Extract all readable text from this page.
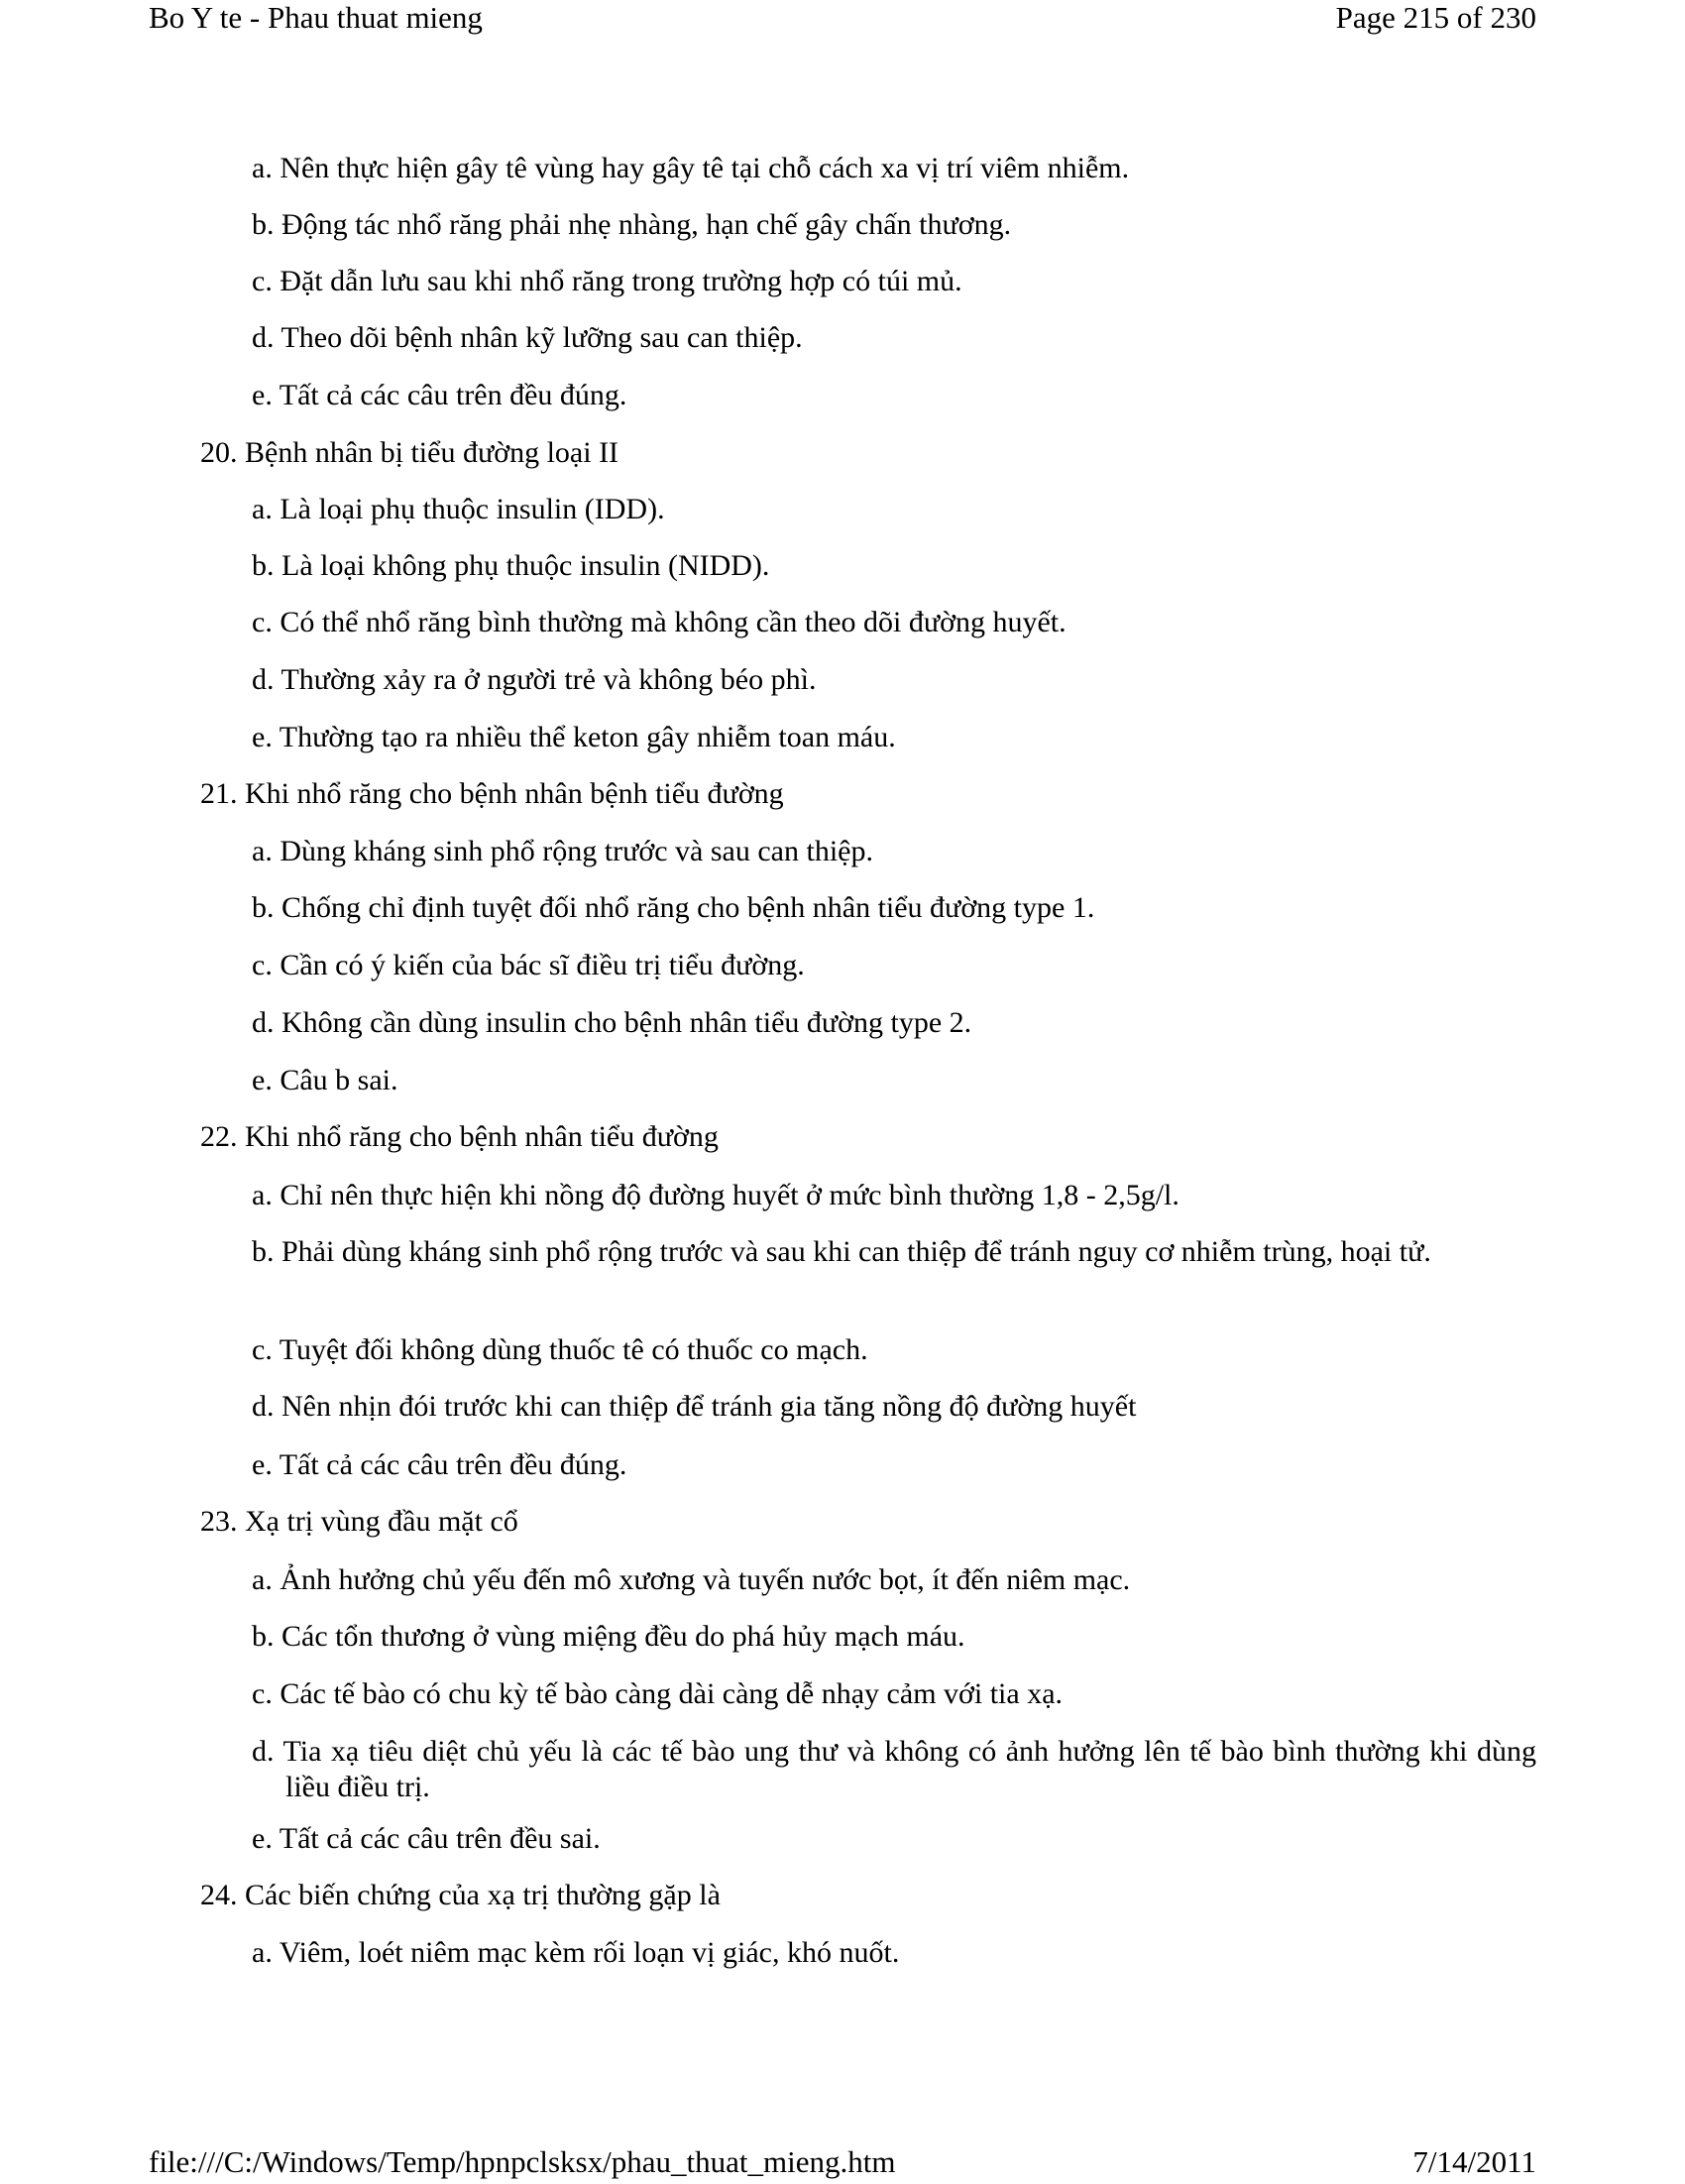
Bo Y te - Phau thuat mieng	Page 215 of 230
a. Nên thực hiện gây tê vùng hay gây tê tại chỗ cách xa vị trí viêm nhiễm.
b. Động tác nhổ răng phải nhẹ nhàng, hạn chế gây chấn thương.
c. Đặt dẫn lưu sau khi nhổ răng trong trường hợp có túi mủ.
d. Theo dõi bệnh nhân kỹ lưỡng sau can thiệp.
e. Tất cả các câu trên đều đúng.
20. Bệnh nhân bị tiểu đường loại II
a. Là loại phụ thuộc insulin (IDD).
b. Là loại không phụ thuộc insulin (NIDD).
c. Có thể nhổ răng bình thường mà không cần theo dõi đường huyết.
d. Thường xảy ra ở người trẻ và không béo phì.
e. Thường tạo ra nhiều thể keton gây nhiễm toan máu.
21. Khi nhổ răng cho bệnh nhân bệnh tiểu đường
a. Dùng kháng sinh phổ rộng trước và sau can thiệp.
b. Chống chỉ định tuyệt đối nhổ răng cho bệnh nhân tiểu đường type 1.
c. Cần có ý kiến của bác sĩ điều trị tiểu đường.
d. Không cần dùng insulin cho bệnh nhân tiểu đường type 2.
e. Câu b sai.
22. Khi nhổ răng cho bệnh nhân tiểu đường
a. Chỉ nên thực hiện khi nồng độ đường huyết ở mức bình thường 1,8 - 2,5g/l.
b. Phải dùng kháng sinh phổ rộng trước và sau khi can thiệp để tránh nguy cơ nhiễm trùng, hoại tử.
c. Tuyệt đối không dùng thuốc tê có thuốc co mạch.
d. Nên nhịn đói trước khi can thiệp để tránh gia tăng nồng độ đường huyết
e. Tất cả các câu trên đều đúng.
23. Xạ trị vùng đầu mặt cổ
a. Ảnh hưởng chủ yếu đến mô xương và tuyến nước bọt, ít đến niêm mạc.
b. Các tổn thương ở vùng miệng đều do phá hủy mạch máu.
c. Các tế bào có chu kỳ tế bào càng dài càng dễ nhạy cảm với tia xạ.
d. Tia xạ tiêu diệt chủ yếu là các tế bào ung thư và không có ảnh hưởng lên tế bào bình thường khi dùng liều điều trị.
e. Tất cả các câu trên đều sai.
24. Các biến chứng của xạ trị thường gặp là
a. Viêm, loét niêm mạc kèm rối loạn vị giác, khó nuốt.
file:///C:/Windows/Temp/hpnpclsksx/phau_thuat_mieng.htm	7/14/2011
